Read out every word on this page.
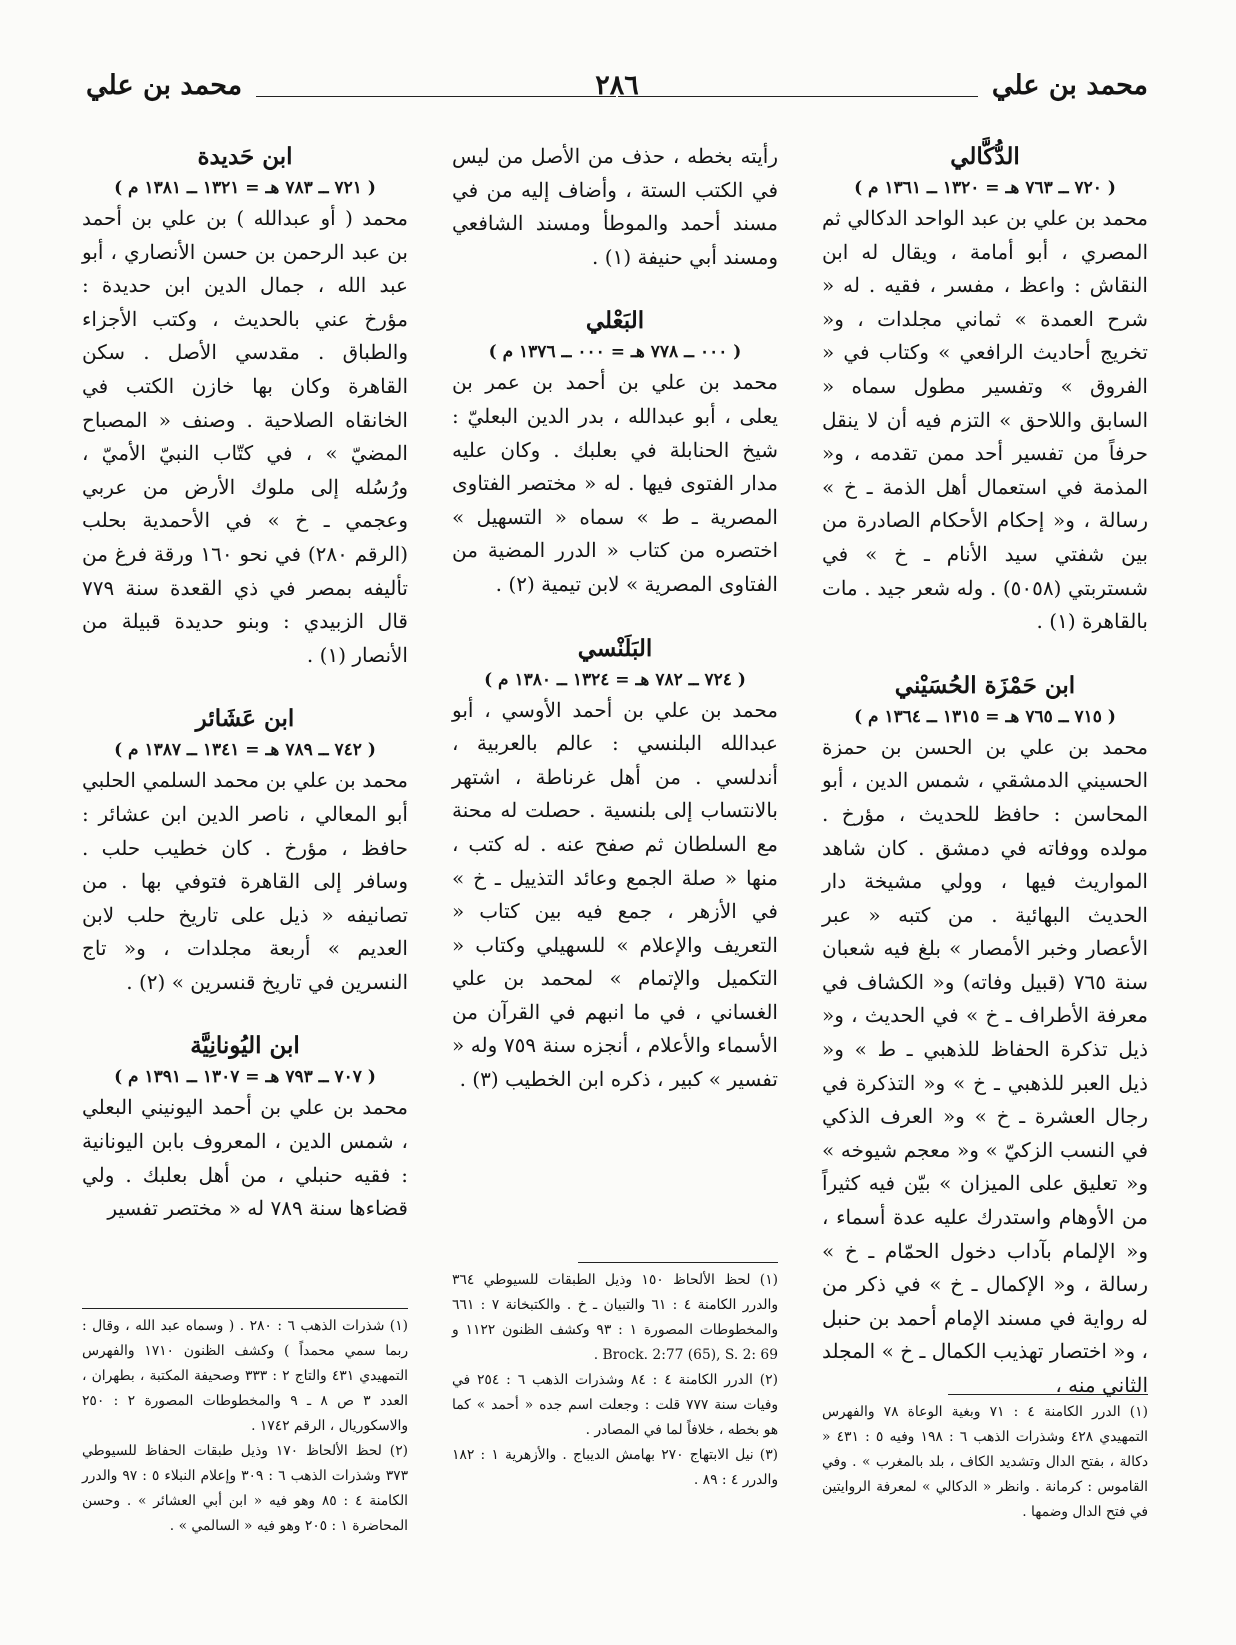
محمد بن علي
٢٨٦
محمد بن علي

الدُّكَّالي

( ٧٢٠ ــ ٧٦٣ هـ = ١٣٢٠ ــ ١٣٦١ م )

محمد بن علي بن عبد الواحد الدكالي ثم المصري ، أبو أمامة ، ويقال له ابن النقاش : واعظ ، مفسر ، فقيه . له « شرح العمدة » ثماني مجلدات ، و« تخريج أحاديث الرافعي » وكتاب في « الفروق » وتفسير مطول سماه « السابق واللاحق » التزم فيه أن لا ينقل حرفاً من تفسير أحد ممن تقدمه ، و« المذمة في استعمال أهل الذمة ـ خ » رسالة ، و« إحكام الأحكام الصادرة من بين شفتي سيد الأنام ـ خ » في شستربتي (٥٠٥٨) . وله شعر جيد . مات بالقاهرة (١) .

ابن حَمْزَة الحُسَيْني

( ٧١٥ ــ ٧٦٥ هـ = ١٣١٥ ــ ١٣٦٤ م )

محمد بن علي بن الحسن بن حمزة الحسيني الدمشقي ، شمس الدين ، أبو المحاسن : حافظ للحديث ، مؤرخ . مولده ووفاته في دمشق . كان شاهد المواريث فيها ، وولي مشيخة دار الحديث البهائية . من كتبه « عبر الأعصار وخبر الأمصار » بلغ فيه شعبان سنة ٧٦٥ (قبيل وفاته) و« الكشاف في معرفة الأطراف ـ خ » في الحديث ، و« ذيل تذكرة الحفاظ للذهبي ـ ط » و« ذيل العبر للذهبي ـ خ » و« التذكرة في رجال العشرة ـ خ » و« العرف الذكي في النسب الزكيّ » و« معجم شيوخه » و« تعليق على الميزان » بيّن فيه كثيراً من الأوهام واستدرك عليه عدة أسماء ، و« الإلمام بآداب دخول الحمّام ـ خ » رسالة ، و« الإكمال ـ خ » في ذكر من له رواية في مسند الإمام أحمد بن حنبل ، و« اختصار تهذيب الكمال ـ خ » المجلد الثاني منه ،

(١) الدرر الكامنة ٤ : ٧١ وبغية الوعاة ٧٨ والفهرس التمهيدي ٤٢٨ وشذرات الذهب ٦ : ١٩٨ وفيه ٥ : ٤٣١ « دكالة ، بفتح الدال وتشديد الكاف ، بلد بالمغرب » . وفي القاموس : كرمانة . وانظر « الدكالي » لمعرفة الروايتين في فتح الدال وضمها .

رأيته بخطه ، حذف من الأصل من ليس في الكتب الستة ، وأضاف إليه من في مسند أحمد والموطأ ومسند الشافعي ومسند أبي حنيفة (١) .

البَعْلي

( ٠٠٠ ــ ٧٧٨ هـ = ٠٠٠ ــ ١٣٧٦ م )

محمد بن علي بن أحمد بن عمر بن يعلى ، أبو عبدالله ، بدر الدين البعليّ : شيخ الحنابلة في بعلبك . وكان عليه مدار الفتوى فيها . له « مختصر الفتاوى المصرية ـ ط » سماه « التسهيل » اختصره من كتاب « الدرر المضية من الفتاوى المصرية » لابن تيمية (٢) .

البَلَنْسي

( ٧٢٤ ــ ٧٨٢ هـ = ١٣٢٤ ــ ١٣٨٠ م )

محمد بن علي بن أحمد الأوسي ، أبو عبدالله البلنسي : عالم بالعربية ، أندلسي . من أهل غرناطة ، اشتهر بالانتساب إلى بلنسية . حصلت له محنة مع السلطان ثم صفح عنه . له كتب ، منها « صلة الجمع وعائد التذييل ـ خ » في الأزهر ، جمع فيه بين كتاب « التعريف والإعلام » للسهيلي وكتاب « التكميل والإتمام » لمحمد بن علي الغساني ، في ما انبهم في القرآن من الأسماء والأعلام ، أنجزه سنة ٧٥٩ وله « تفسير » كبير ، ذكره ابن الخطيب (٣) .

(١) لحظ الألحاظ ١٥٠ وذيل الطبقات للسيوطي ٣٦٤ والدرر الكامنة ٤ : ٦١ والتبيان ـ خ . والكتبخانة ٧ : ٦٦١ والمخطوطات المصورة ١ : ٩٣ وكشف الظنون ١١٢٢ و Brock. 2:77 (65), S. 2: 69 .

(٢) الدرر الكامنة ٤ : ٨٤ وشذرات الذهب ٦ : ٢٥٤ في وفيات سنة ٧٧٧ قلت : وجعلت اسم جده « أحمد » كما هو بخطه ، خلافاً لما في المصادر .

(٣) نيل الابتهاج ٢٧٠ بهامش الديباج . والأزهرية ١ : ١٨٢ والدرر ٤ : ٨٩ .

ابن حَديدة

( ٧٢١ ــ ٧٨٣ هـ = ١٣٢١ ــ ١٣٨١ م )

محمد ( أو عبدالله ) بن علي بن أحمد بن عبد الرحمن بن حسن الأنصاري ، أبو عبد الله ، جمال الدين ابن حديدة : مؤرخ عني بالحديث ، وكتب الأجزاء والطباق . مقدسي الأصل . سكن القاهرة وكان بها خازن الكتب في الخانقاه الصلاحية . وصنف « المصباح المضيّ » ، في كتّاب النبيّ الأميّ ، ورُسُله إلى ملوك الأرض من عربي وعجمي ـ خ » في الأحمدية بحلب (الرقم ٢٨٠) في نحو ١٦٠ ورقة فرغ من تأليفه بمصر في ذي القعدة سنة ٧٧٩ قال الزبيدي : وبنو حديدة قبيلة من الأنصار (١) .

ابن عَشَائر

( ٧٤٢ ــ ٧٨٩ هـ = ١٣٤١ ــ ١٣٨٧ م )

محمد بن علي بن محمد السلمي الحلبي أبو المعالي ، ناصر الدين ابن عشائر : حافظ ، مؤرخ . كان خطيب حلب . وسافر إلى القاهرة فتوفي بها . من تصانيفه « ذيل على تاريخ حلب لابن العديم » أربعة مجلدات ، و« تاج النسرين في تاريخ قنسرين » (٢) .

ابن اليُونانِيَّة

( ٧٠٧ ــ ٧٩٣ هـ = ١٣٠٧ ــ ١٣٩١ م )

محمد بن علي بن أحمد اليونيني البعلي ، شمس الدين ، المعروف بابن اليونانية : فقيه حنبلي ، من أهل بعلبك . ولي قضاءها سنة ٧٨٩ له « مختصر تفسير

(١) شذرات الذهب ٦ : ٢٨٠ . ( وسماه عبد الله ، وقال : ربما سمي محمداً ) وكشف الظنون ١٧١٠ والفهرس التمهيدي ٤٣١ والتاج ٢ : ٣٣٣ وصحيفة المكتبة ، بطهران ، العدد ٣ ص ٨ ـ ٩ والمخطوطات المصورة ٢ : ٢٥٠ والاسكوريال ، الرقم ١٧٤٢ .

(٢) لحظ الألحاظ ١٧٠ وذيل طبقات الحفاظ للسيوطي ٣٧٣ وشذرات الذهب ٦ : ٣٠٩ وإعلام النبلاء ٥ : ٩٧ والدرر الكامنة ٤ : ٨٥ وهو فيه « ابن أبي العشائر » . وحسن المحاضرة ١ : ٢٠٥ وهو فيه « السالمي » .
